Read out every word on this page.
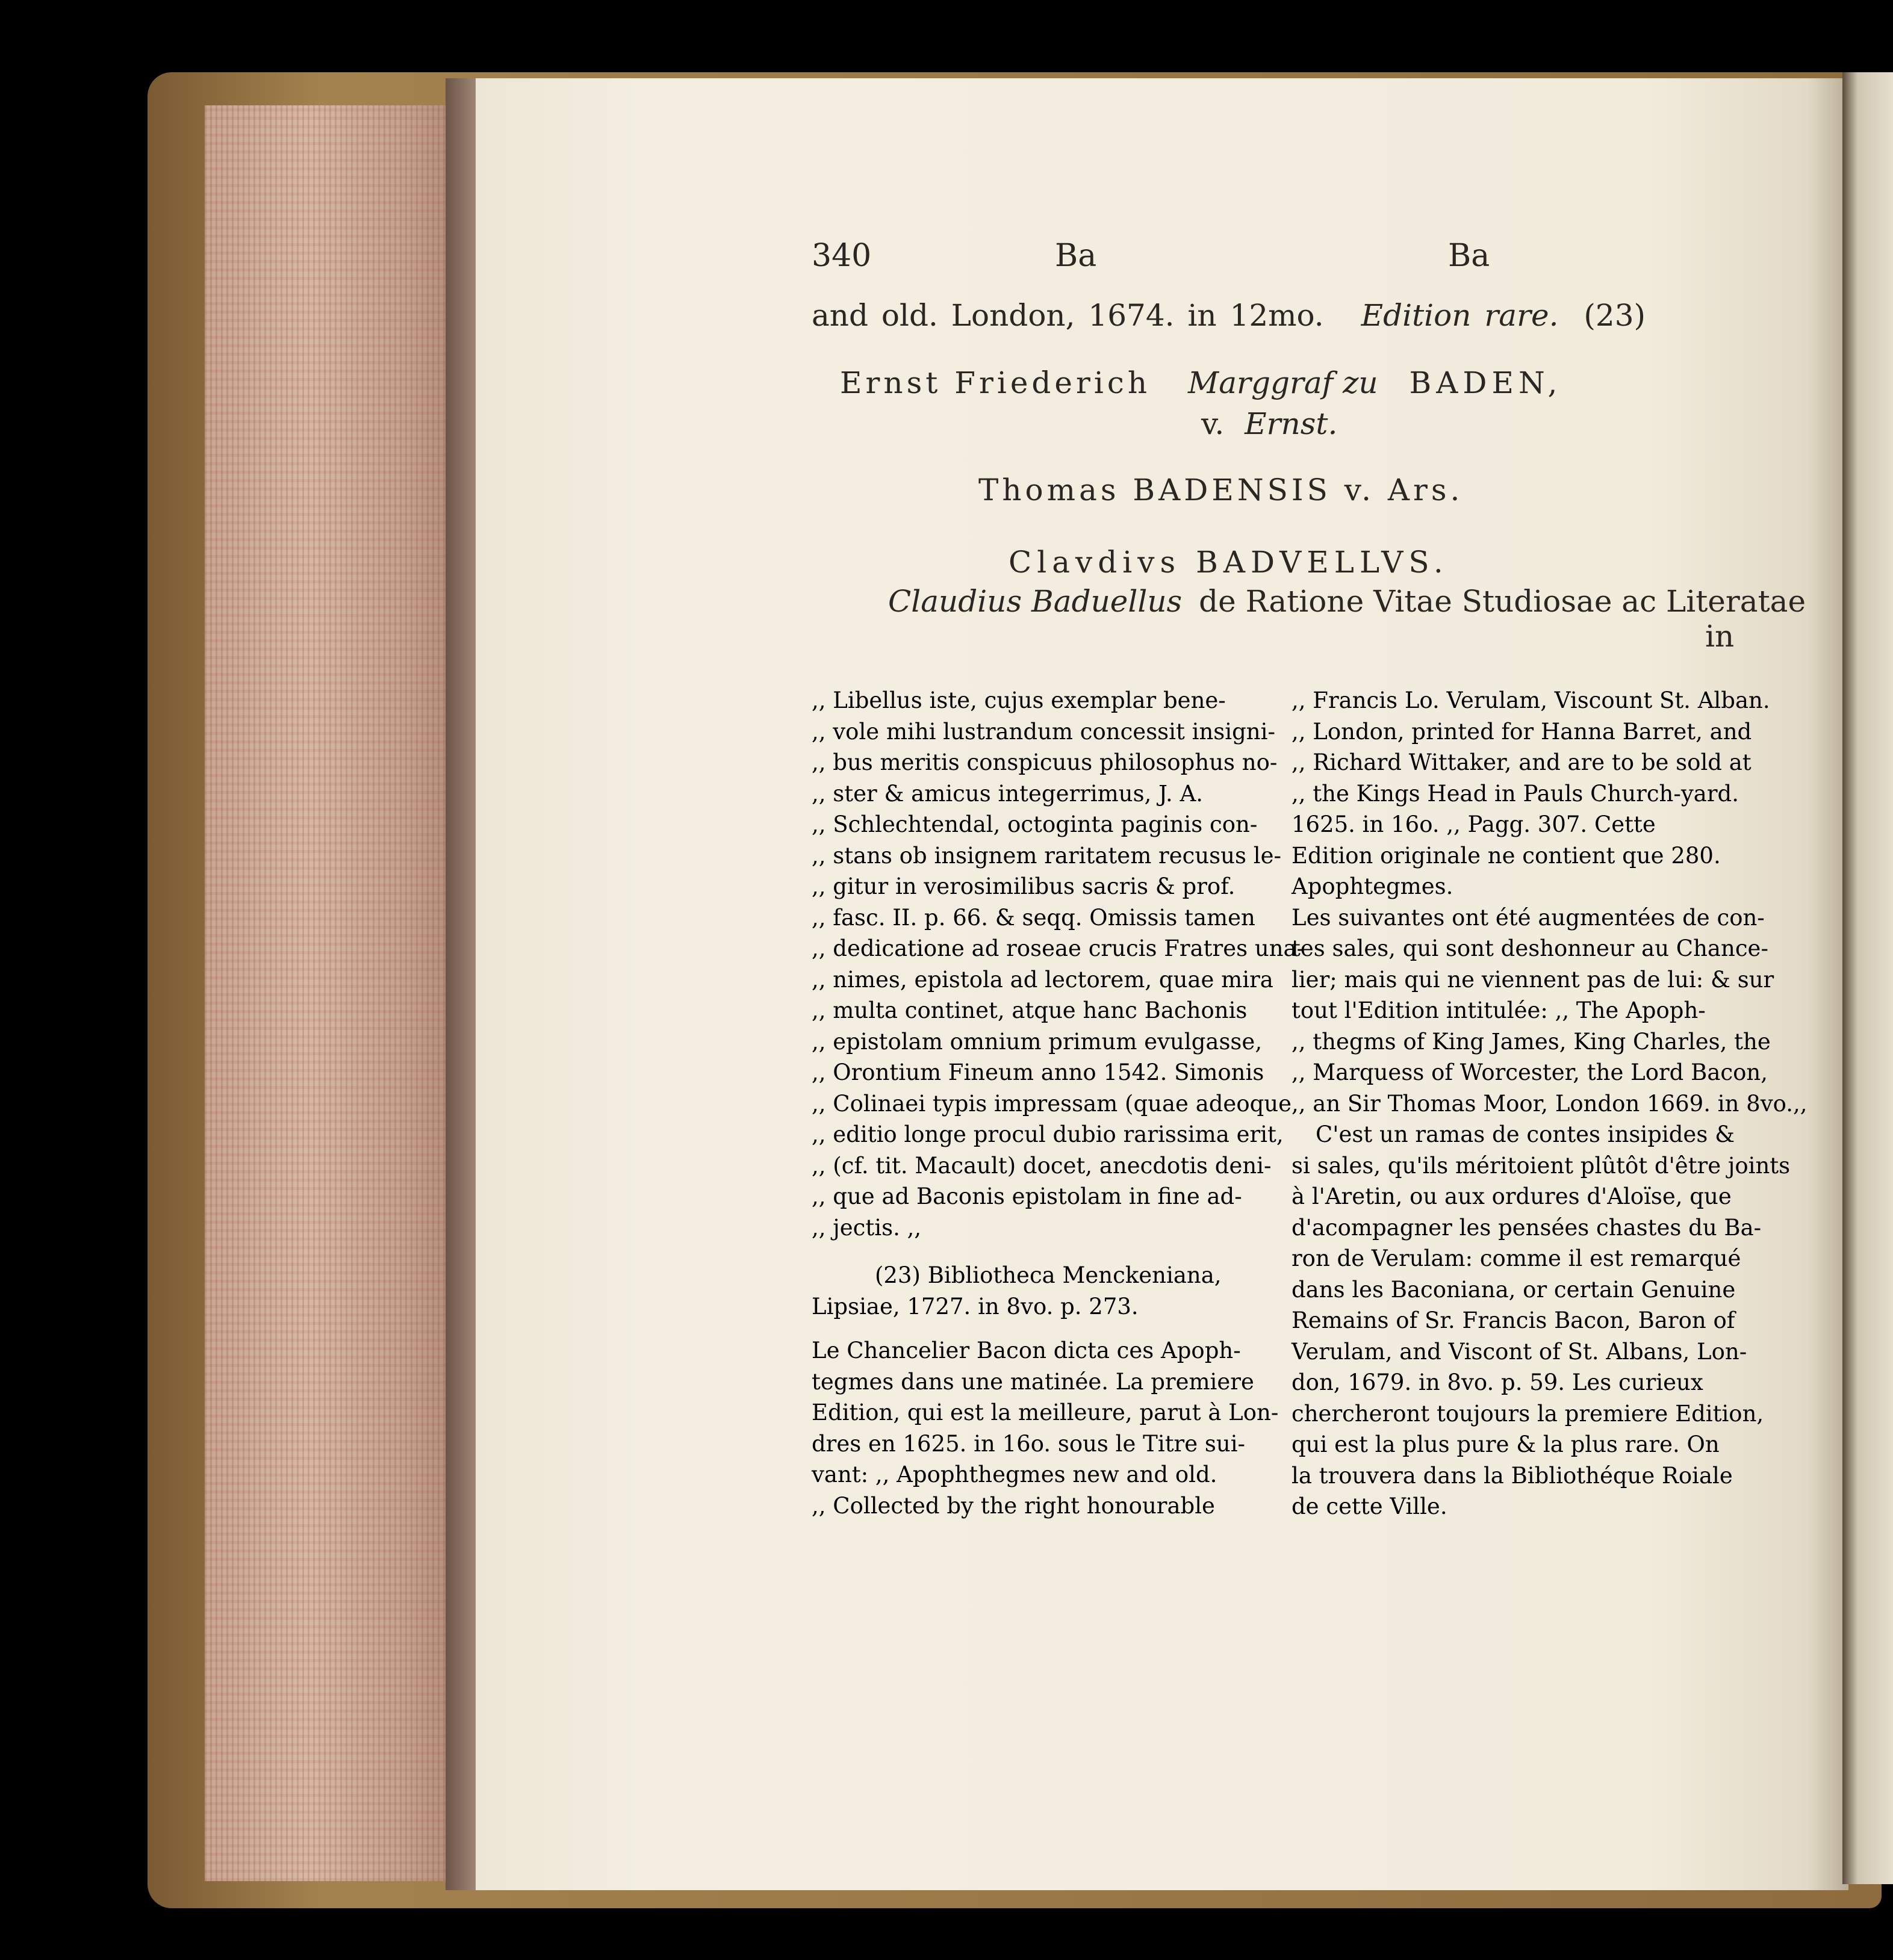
340	Ba	Ba
and old. London, 1674. in 12mo. Edition rare. (23)
Ernst Friederich Marggraf zu BADEN,
v. Ernst.
Thomas BADENSIS v. Ars.
Clavdivs BADVELLVS.
Claudius Baduellus de Ratione Vitae Studiosae ac Literatae
in
,, Libellus iste, cujus exemplar bene-
,, vole mihi lustrandum concessit insigni-
,, bus meritis conspicuus philosophus no-
,, ster & amicus integerrimus, J. A.
,, Schlechtendal, octoginta paginis con-
,, stans ob insignem raritatem recusus le-
,, gitur in verosimilibus sacris & prof.
,, fasc. II. p. 66. & seqq. Omissis tamen
,, dedicatione ad roseae crucis Fratres una-
,, nimes, epistola ad lectorem, quae mira
,, multa continet, atque hanc Bachonis
,, epistolam omnium primum evulgasse,
,, Orontium Fineum anno 1542. Simonis
,, Colinaei typis impressam (quae adeoque
,, editio longe procul dubio rarissima erit,
,, (cf. tit. Macault) docet, anecdotis deni-
,, que ad Baconis epistolam in fine ad-
,, jectis. ,,
(23) Bibliotheca Menckeniana,
Lipsiae, 1727. in 8vo. p. 273.
Le Chancelier Bacon dicta ces Apoph-
tegmes dans une matinée. La premiere
Edition, qui est la meilleure, parut à Lon-
dres en 1625. in 16o. sous le Titre sui-
vant: ,, Apophthegmes new and old.
,, Collected by the right honourable
,, Francis Lo. Verulam, Viscount St. Alban.
,, London, printed for Hanna Barret, and
,, Richard Wittaker, and are to be sold at
,, the Kings Head in Pauls Church-yard.
1625. in 16o. ,, Pagg. 307. Cette
Edition originale ne contient que 280.
Apophtegmes.
Les suivantes ont été augmentées de con-
tes sales, qui sont deshonneur au Chance-
lier; mais qui ne viennent pas de lui: & sur
tout l'Edition intitulée: ,, The Apoph-
,, thegms of King James, King Charles, the
,, Marquess of Worcester, the Lord Bacon,
,, an Sir Thomas Moor, London 1669. in 8vo.,,
C'est un ramas de contes insipides &
si sales, qu'ils méritoient plûtôt d'être joints
à l'Aretin, ou aux ordures d'Aloïse, que
d'acompagner les pensées chastes du Ba-
ron de Verulam: comme il est remarqué
dans les Baconiana, or certain Genuine
Remains of Sr. Francis Bacon, Baron of
Verulam, and Viscont of St. Albans, Lon-
don, 1679. in 8vo. p. 59. Les curieux
chercheront toujours la premiere Edition,
qui est la plus pure & la plus rare. On
la trouvera dans la Bibliothéque Roiale
de cette Ville.
